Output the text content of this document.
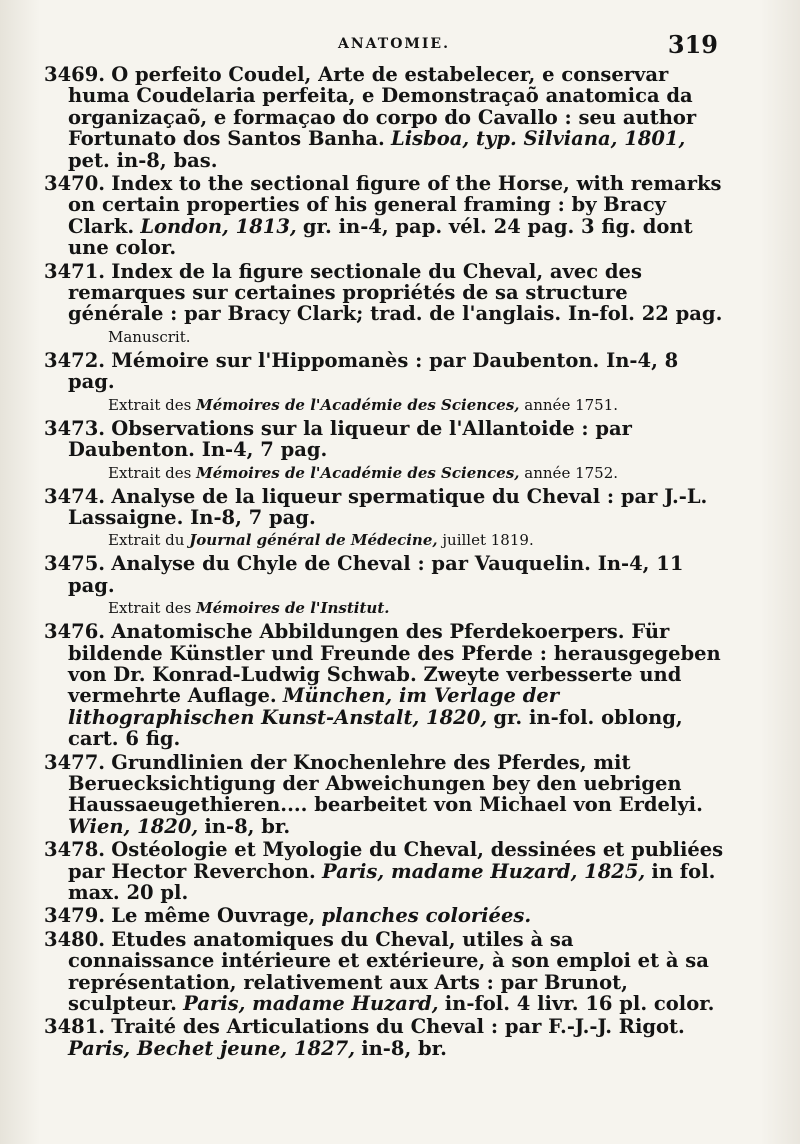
ANATOMIE.	319
3469. O perfeito Coudel, Arte de estabelecer, e conservar huma Coudelaria perfeita, e Demonstraçaõ anatomica da organizaçaõ, e formaçao do corpo do Cavallo : seu author Fortunato dos Santos Banha. Lisboa, typ. Silviana, 1801, pet. in-8, bas.
3470. Index to the sectional figure of the Horse, with remarks on certain properties of his general framing : by Bracy Clark. London, 1813, gr. in-4, pap. vél. 24 pag. 3 fig. dont une color.
3471. Index de la figure sectionale du Cheval, avec des remarques sur certaines propriétés de sa structure générale : par Bracy Clark; trad. de l'anglais. In-fol. 22 pag.
Manuscrit.
3472. Mémoire sur l'Hippomanès : par Daubenton. In-4, 8 pag.
Extrait des Mémoires de l'Académie des Sciences, année 1751.
3473. Observations sur la liqueur de l'Allantoide : par Daubenton. In-4, 7 pag.
Extrait des Mémoires de l'Académie des Sciences, année 1752.
3474. Analyse de la liqueur spermatique du Cheval : par J.-L. Lassaigne. In-8, 7 pag.
Extrait du Journal général de Médecine, juillet 1819.
3475. Analyse du Chyle de Cheval : par Vauquelin. In-4, 11 pag.
Extrait des Mémoires de l'Institut.
3476. Anatomische Abbildungen des Pferdekoerpers. Für bildende Künstler und Freunde des Pferde : herausgegeben von Dr. Konrad-Ludwig Schwab. Zweyte verbesserte und vermehrte Auflage. München, im Verlage der lithographischen Kunst-Anstalt, 1820, gr. in-fol. oblong, cart. 6 fig.
3477. Grundlinien der Knochenlehre des Pferdes, mit Beruecksichtigung der Abweichungen bey den uebrigen Haussaeugethieren.... bearbeitet von Michael von Erdelyi. Wien, 1820, in-8, br.
3478. Ostéologie et Myologie du Cheval, dessinées et publiées par Hector Reverchon. Paris, madame Huzard, 1825, in fol. max. 20 pl.
3479. Le même Ouvrage, planches coloriées.
3480. Etudes anatomiques du Cheval, utiles à sa connaissance intérieure et extérieure, à son emploi et à sa représentation, relativement aux Arts : par Brunot, sculpteur. Paris, madame Huzard, in-fol. 4 livr. 16 pl. color.
3481. Traité des Articulations du Cheval : par F.-J.-J. Rigot. Paris, Bechet jeune, 1827, in-8, br.
